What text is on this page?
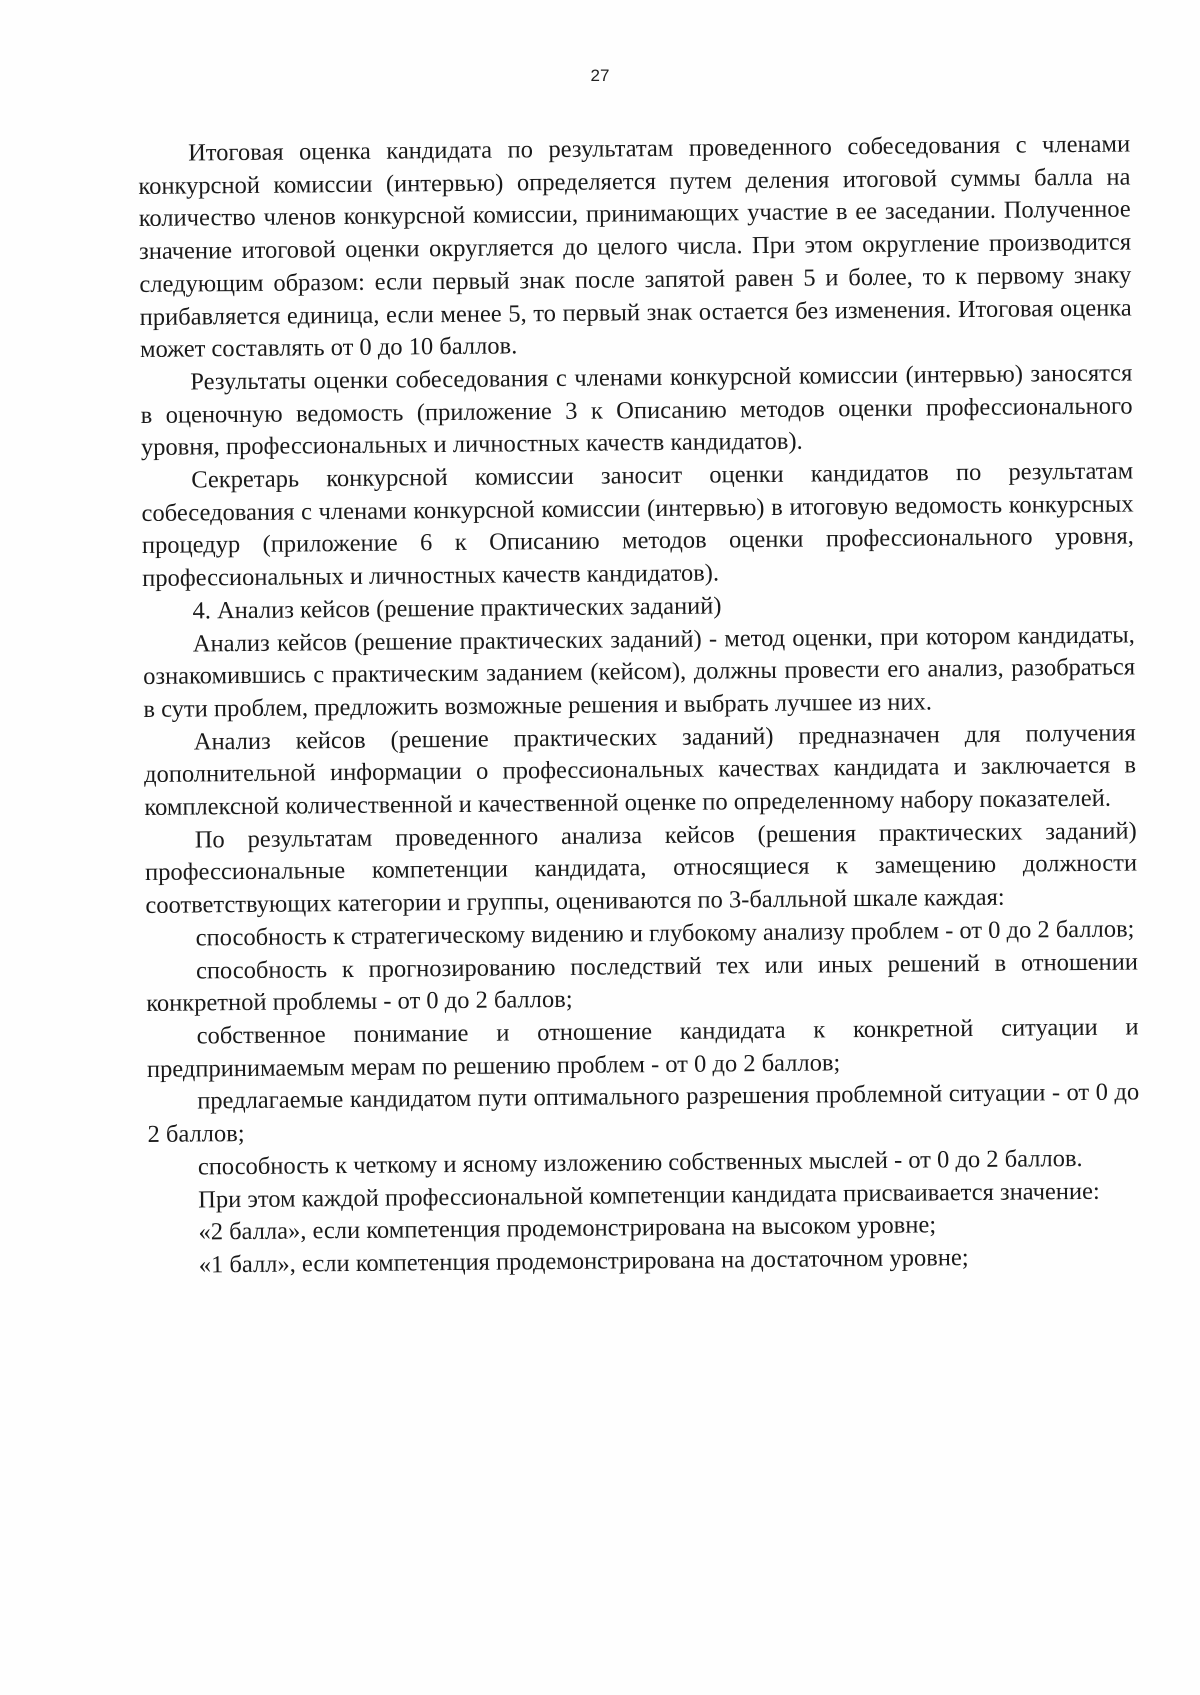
27

Итоговая оценка кандидата по результатам проведенного собеседования с членами конкурсной комиссии (интервью) определяется путем деления итоговой суммы балла на количество членов конкурсной комиссии, принимающих участие в ее заседании. Полученное значение итоговой оценки округляется до целого числа. При этом округление производится следующим образом: если первый знак после запятой равен 5 и более, то к первому знаку прибавляется единица, если менее 5, то первый знак остается без изменения. Итоговая оценка может составлять от 0 до 10 баллов.

Результаты оценки собеседования с членами конкурсной комиссии (интервью) заносятся в оценочную ведомость (приложение 3 к Описанию методов оценки профессионального уровня, профессиональных и личностных качеств кандидатов).

Секретарь конкурсной комиссии заносит оценки кандидатов по результатам собеседования с членами конкурсной комиссии (интервью) в итоговую ведомость конкурсных процедур (приложение 6 к Описанию методов оценки профессионального уровня, профессиональных и личностных качеств кандидатов).

4. Анализ кейсов (решение практических заданий)

Анализ кейсов (решение практических заданий) - метод оценки, при котором кандидаты, ознакомившись с практическим заданием (кейсом), должны провести его анализ, разобраться в сути проблем, предложить возможные решения и выбрать лучшее из них.

Анализ кейсов (решение практических заданий) предназначен для получения дополнительной информации о профессиональных качествах кандидата и заключается в комплексной количественной и качественной оценке по определенному набору показателей.

По результатам проведенного анализа кейсов (решения практических заданий) профессиональные компетенции кандидата, относящиеся к замещению должности соответствующих категории и группы, оцениваются по 3-балльной шкале каждая:

способность к стратегическому видению и глубокому анализу проблем - от 0 до 2 баллов;

способность к прогнозированию последствий тех или иных решений в отношении конкретной проблемы - от 0 до 2 баллов;

собственное понимание и отношение кандидата к конкретной ситуации и предпринимаемым мерам по решению проблем - от 0 до 2 баллов;

предлагаемые кандидатом пути оптимального разрешения проблемной ситуации - от 0 до 2 баллов;

способность к четкому и ясному изложению собственных мыслей - от 0 до 2 баллов.

При этом каждой профессиональной компетенции кандидата присваивается значение:

«2 балла», если компетенция продемонстрирована на высоком уровне;

«1 балл», если компетенция продемонстрирована на достаточном уровне;
